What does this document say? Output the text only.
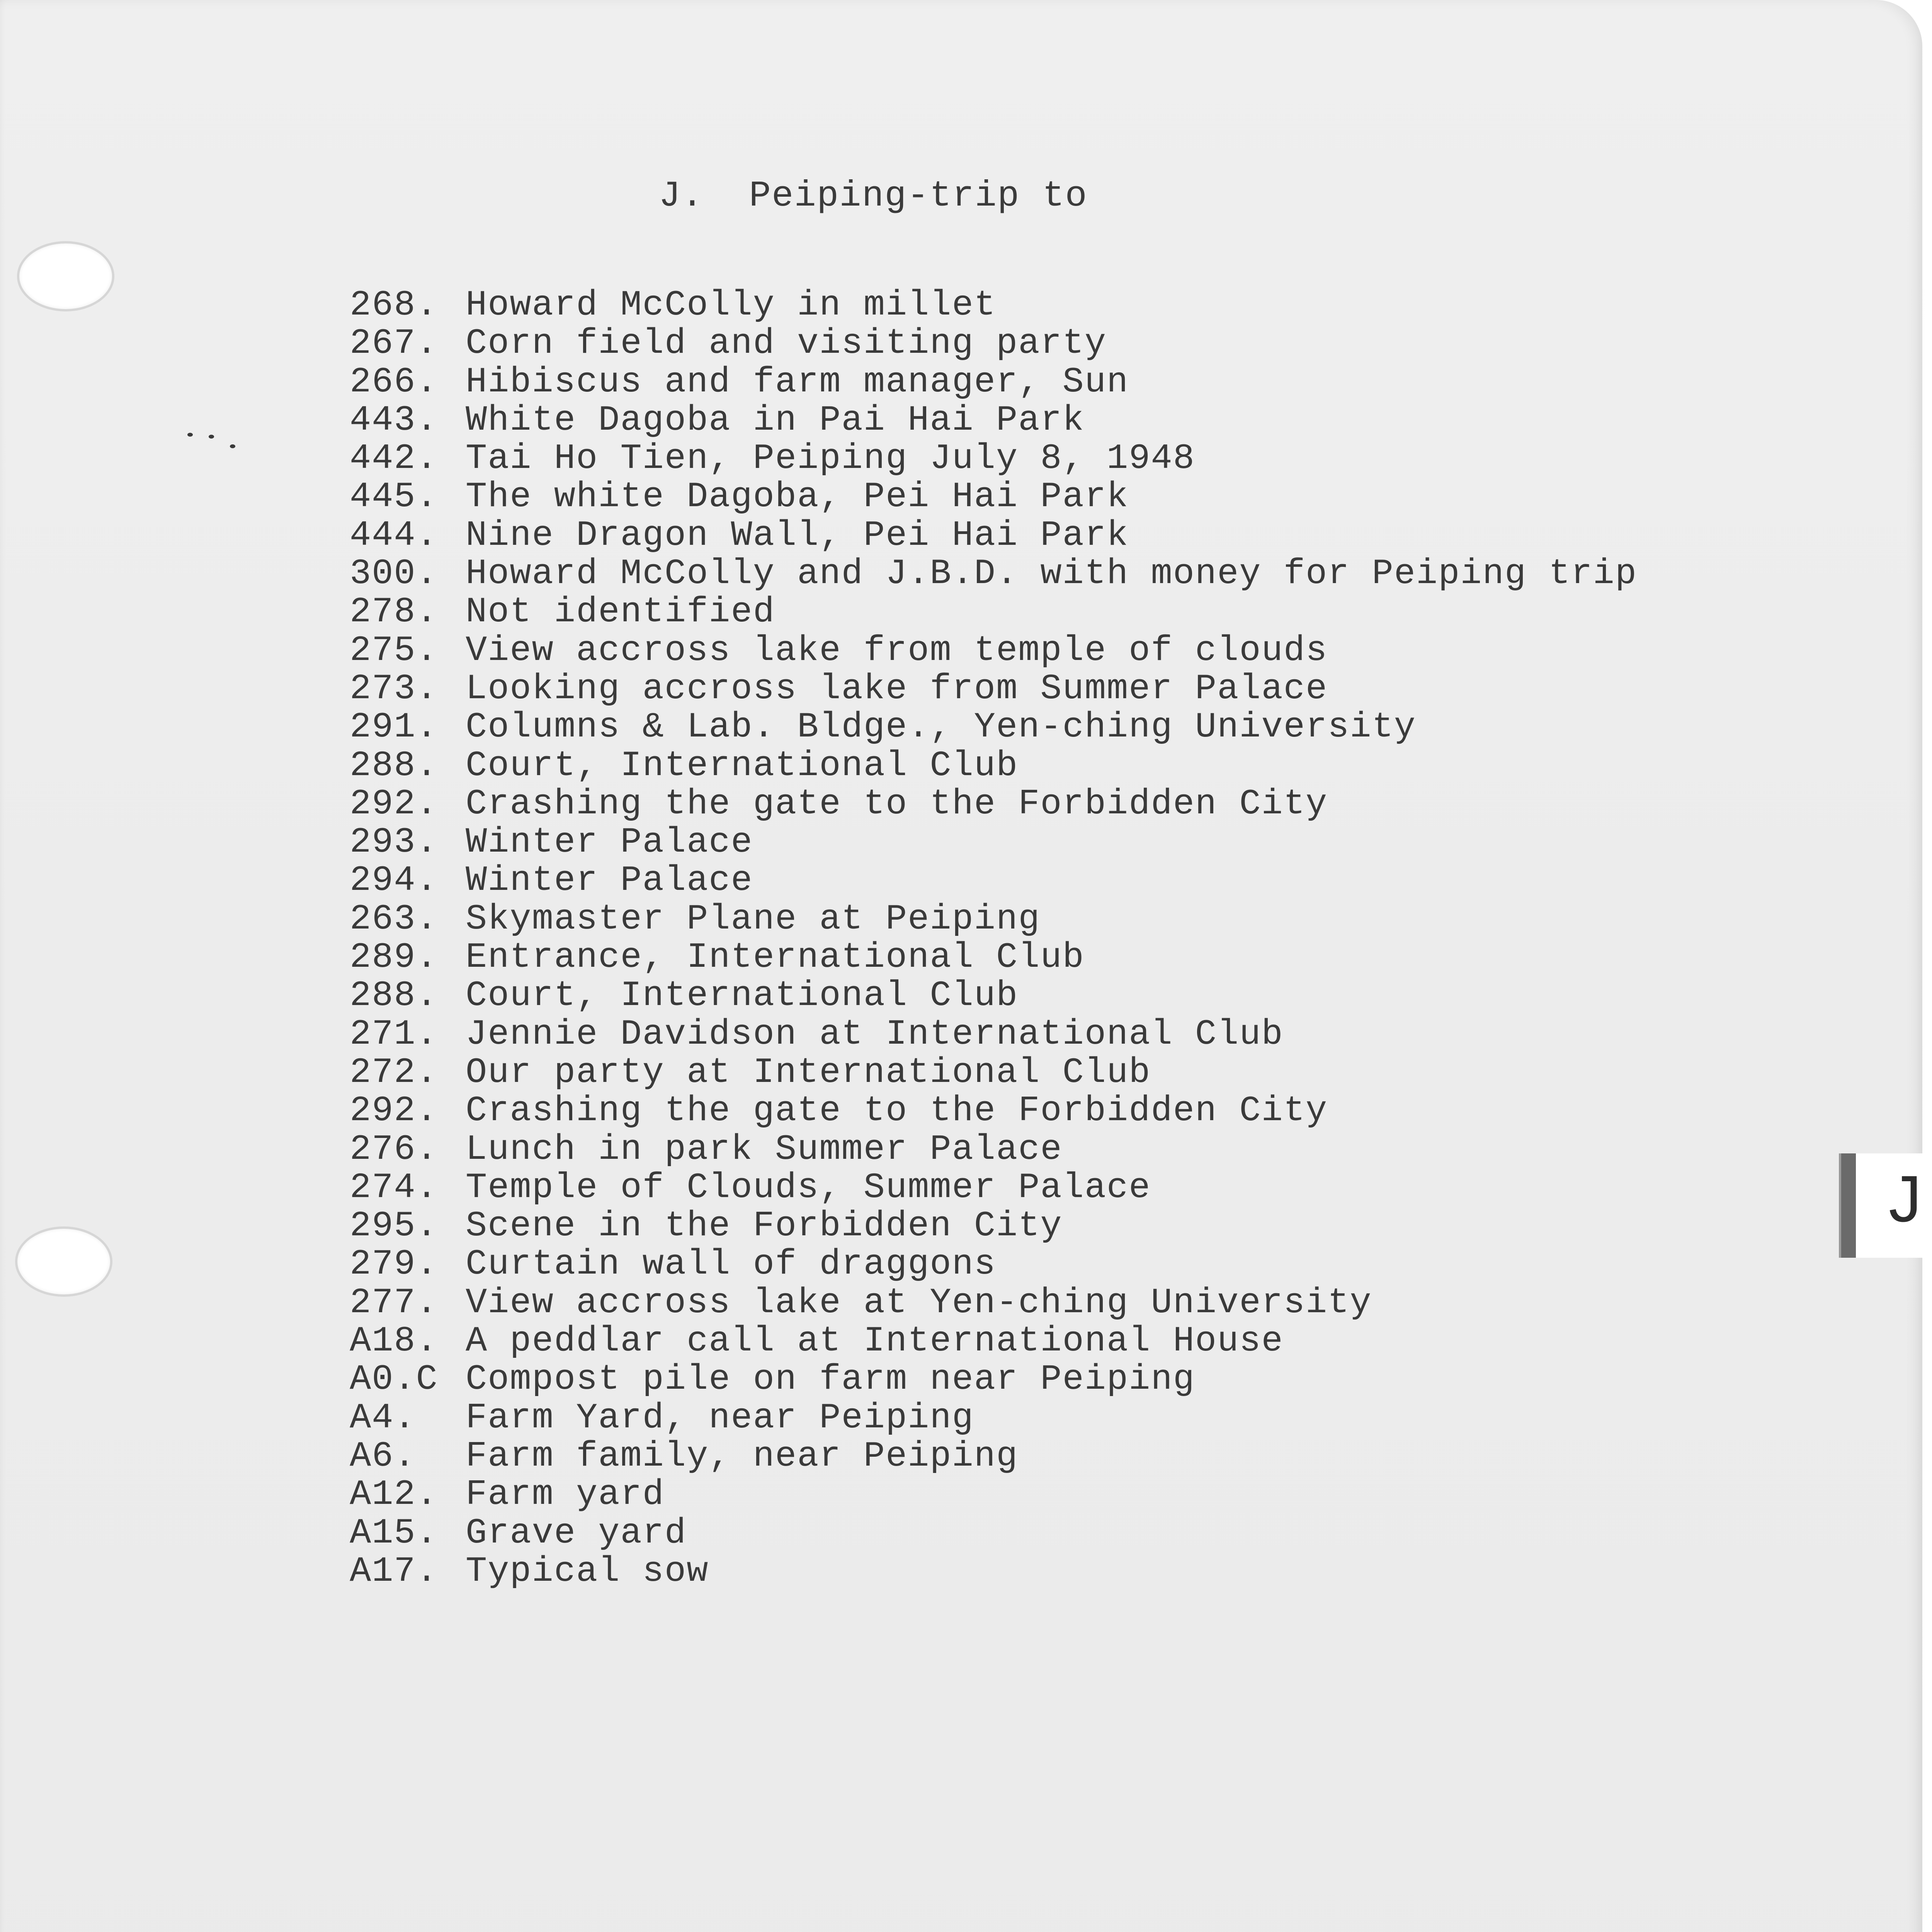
J.  Peiping-trip to
268. Howard McColly in millet
267. Corn field and visiting party
266. Hibiscus and farm manager, Sun
443. White Dagoba in Pai Hai Park
442. Tai Ho Tien, Peiping July 8, 1948
445. The white Dagoba, Pei Hai Park
444. Nine Dragon Wall, Pei Hai Park
300. Howard McColly and J.B.D. with money for Peiping trip
278. Not identified
275. View accross lake from temple of clouds
273. Looking accross lake from Summer Palace
291. Columns & Lab. Bldge., Yen-ching University
288. Court, International Club
292. Crashing the gate to the Forbidden City
293. Winter Palace
294. Winter Palace
263. Skymaster Plane at Peiping
289. Entrance, International Club
288. Court, International Club
271. Jennie Davidson at International Club
272. Our party at International Club
292. Crashing the gate to the Forbidden City
276. Lunch in park Summer Palace
274. Temple of Clouds, Summer Palace
295. Scene in the Forbidden City
279. Curtain wall of draggons
277. View accross lake at Yen-ching University
A18. A peddlar call at International House
A0.C Compost pile on farm near Peiping
A4. Farm Yard, near Peiping
A6. Farm family, near Peiping
A12. Farm yard
A15. Grave yard
A17. Typical sow
J
